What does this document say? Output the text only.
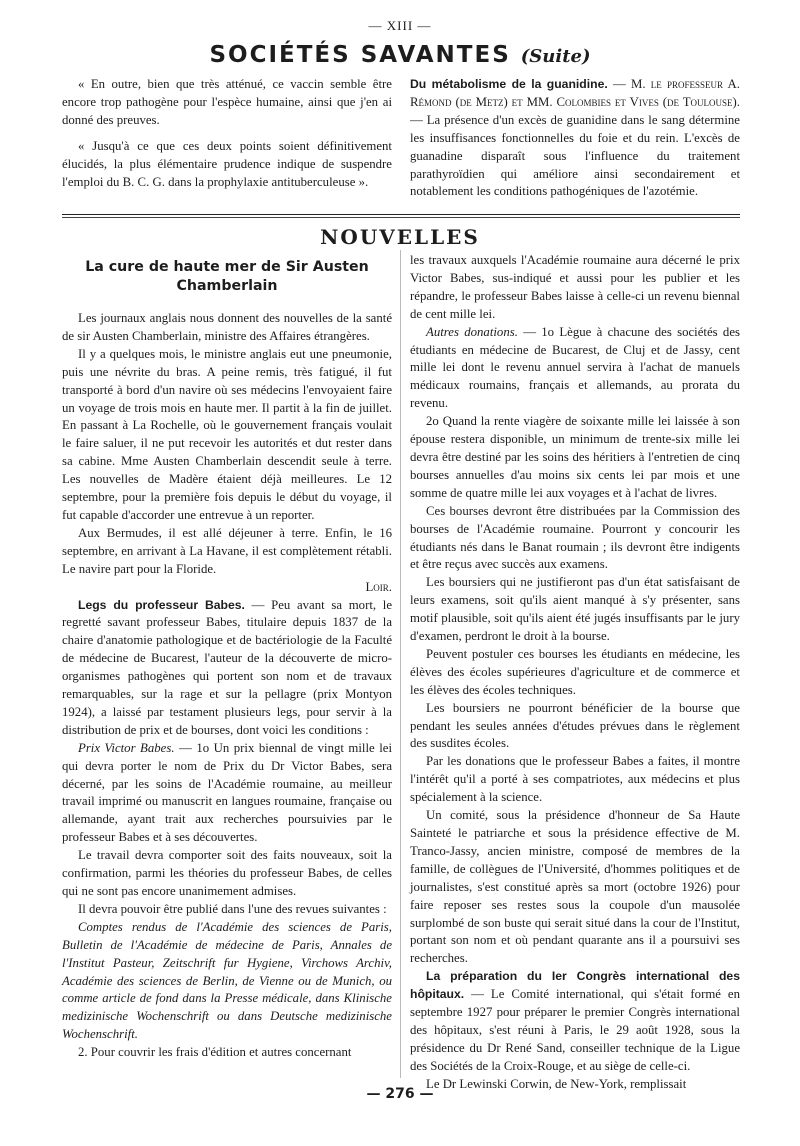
— XIII —
SOCIÉTÉS SAVANTES (Suite)

« En outre, bien que très atténué, ce vaccin semble être encore trop pathogène pour l'espèce humaine, ainsi que j'en ai donné des preuves.

« Jusqu'à ce que ces deux points soient définitivement élucidés, la plus élémentaire prudence indique de suspendre l'emploi du B. C. G. dans la prophylaxie antituberculeuse ».

Du métabolisme de la guanidine. — M. le professeur A. Rémond (de Metz) et MM. Colombies et Vives (de Toulouse). — La présence d'un excès de guanidine dans le sang détermine les insuffisances fonctionnelles du foie et du rein. L'excès de guanadine disparaît sous l'influence du traitement parathyroïdien qui améliore ainsi secondairement et notablement les conditions pathogéniques de l'azotémie.

NOUVELLES
La cure de haute mer de Sir Austen Chamberlain

Les journaux anglais nous donnent des nouvelles de la santé de sir Austen Chamberlain, ministre des Affaires étrangères.

Il y a quelques mois, le ministre anglais eut une pneumonie, puis une névrite du bras. A peine remis, très fatigué, il fut transporté à bord d'un navire où ses médecins l'envoyaient faire un voyage de trois mois en haute mer. Il partit à la fin de juillet. En passant à La Rochelle, où le gouvernement français voulait le faire saluer, il ne put recevoir les autorités et dut rester dans sa cabine. Mme Austen Chamberlain descendit seule à terre. Les nouvelles de Madère étaient déjà meilleures. Le 12 septembre, pour la première fois depuis le début du voyage, il fut capable d'accorder une entrevue à un reporter.

Aux Bermudes, il est allé déjeuner à terre. Enfin, le 16 septembre, en arrivant à La Havane, il est complètement rétabli. Le navire part pour la Floride.

Loir.

Legs du professeur Babes. — Peu avant sa mort, le regretté savant professeur Babes, titulaire depuis 1837 de la chaire d'anatomie pathologique et de bactériologie de la Faculté de médecine de Bucarest, l'auteur de la découverte de micro-organismes pathogènes qui portent son nom et de travaux remarquables, sur la rage et sur la pellagre (prix Montyon 1924), a laissé par testament plusieurs legs, pour servir à la distribution de prix et de bourses, dont voici les conditions :

Prix Victor Babes. — 1o Un prix biennal de vingt mille lei qui devra porter le nom de Prix du Dr Victor Babes, sera décerné, par les soins de l'Académie roumaine, au meilleur travail imprimé ou manuscrit en langues roumaine, française ou allemande, ayant trait aux recherches poursuivies par le professeur Babes et à ses découvertes.

Le travail devra comporter soit des faits nouveaux, soit la confirmation, parmi les théories du professeur Babes, de celles qui ne sont pas encore unanimement admises.

Il devra pouvoir être publié dans l'une des revues suivantes :

Comptes rendus de l'Académie des sciences de Paris, Bulletin de l'Académie de médecine de Paris, Annales de l'Institut Pasteur, Zeitschrift fur Hygiene, Virchows Archiv, Académie des sciences de Berlin, de Vienne ou de Munich, ou comme article de fond dans la Presse médicale, dans Klinische medizinische Wochenschrift ou dans Deutsche medizinische Wochenschrift.

2. Pour couvrir les frais d'édition et autres concernant

les travaux auxquels l'Académie roumaine aura décerné le prix Victor Babes, sus-indiqué et aussi pour les publier et les répandre, le professeur Babes laisse à celle-ci un revenu biennal de cent mille lei.

Autres donations. — 1o Lègue à chacune des sociétés des étudiants en médecine de Bucarest, de Cluj et de Jassy, cent mille lei dont le revenu annuel servira à l'achat de manuels médicaux roumains, français et allemands, au prorata du revenu.

2o Quand la rente viagère de soixante mille lei laissée à son épouse restera disponible, un minimum de trente-six mille lei devra être destiné par les soins des héritiers à l'entretien de cinq bourses annuelles d'au moins six cents lei par mois et une somme de quatre mille lei aux voyages et à l'achat de livres.

Ces bourses devront être distribuées par la Commission des bourses de l'Académie roumaine. Pourront y concourir les étudiants nés dans le Banat roumain ; ils devront être indigents et être reçus avec succès aux examens.

Les boursiers qui ne justifieront pas d'un état satisfaisant de leurs examens, soit qu'ils aient manqué à s'y présenter, sans motif plausible, soit qu'ils aient été jugés insuffisants par le jury d'examen, perdront le droit à la bourse.

Peuvent postuler ces bourses les étudiants en médecine, les élèves des écoles supérieures d'agriculture et de commerce et les élèves des écoles techniques.

Les boursiers ne pourront bénéficier de la bourse que pendant les seules années d'études prévues dans le règlement des susdites écoles.

Par les donations que le professeur Babes a faites, il montre l'intérêt qu'il a porté à ses compatriotes, aux médecins et plus spécialement à la science.

Un comité, sous la présidence d'honneur de Sa Haute Sainteté le patriarche et sous la présidence effective de M. Tranco-Jassy, ancien ministre, composé de membres de la famille, de collègues de l'Université, d'hommes politiques et de journalistes, s'est constitué après sa mort (octobre 1926) pour faire reposer ses restes sous la coupole d'un mausolée surplombé de son buste qui serait situé dans la cour de l'Institut, portant son nom et où pendant quarante ans il a poursuivi ses recherches.

La préparation du Ier Congrès international des hôpitaux. — Le Comité international, qui s'était formé en septembre 1927 pour préparer le premier Congrès international des hôpitaux, s'est réuni à Paris, le 29 août 1928, sous la présidence du Dr René Sand, conseiller technique de la Ligue des Sociétés de la Croix-Rouge, et au siège de celle-ci.

Le Dr Lewinski Corwin, de New-York, remplissait

— 276 —
